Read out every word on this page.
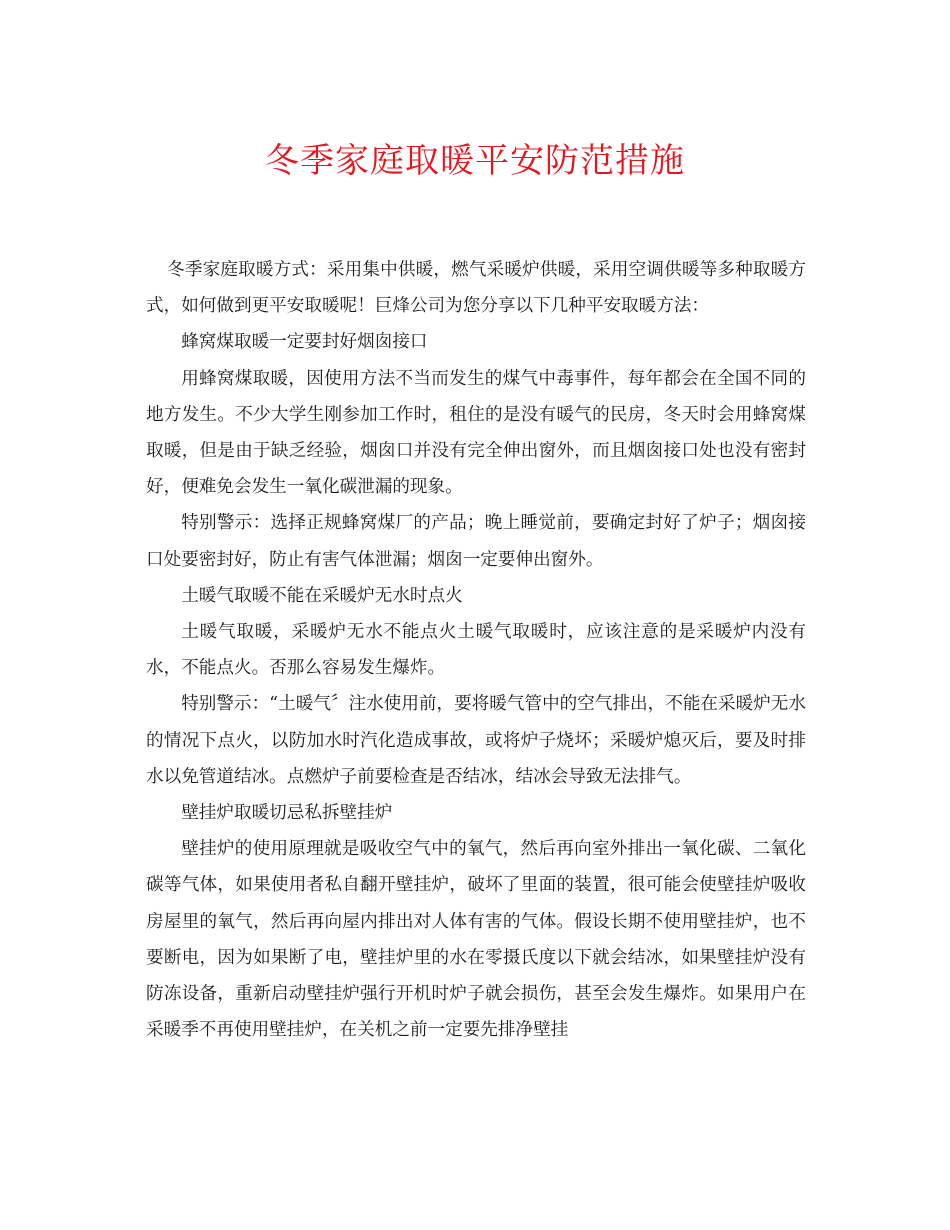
冬季家庭取暖平安防范措施

冬季家庭取暖方式：采用集中供暖，燃气采暖炉供暖，采用空调供暖等多种取暖方式，如何做到更平安取暖呢！巨烽公司为您分享以下几种平安取暖方法：

蜂窝煤取暖一定要封好烟囱接口

用蜂窝煤取暖，因使用方法不当而发生的煤气中毒事件，每年都会在全国不同的地方发生。不少大学生刚参加工作时，租住的是没有暖气的民房，冬天时会用蜂窝煤取暖，但是由于缺乏经验，烟囱口并没有完全伸出窗外，而且烟囱接口处也没有密封好，便难免会发生一氧化碳泄漏的现象。

特别警示：选择正规蜂窝煤厂的产品；晚上睡觉前，要确定封好了炉子；烟囱接口处要密封好，防止有害气体泄漏；烟囱一定要伸出窗外。

土暖气取暖不能在采暖炉无水时点火

土暖气取暖，采暖炉无水不能点火土暖气取暖时，应该注意的是采暖炉内没有水，不能点火。否那么容易发生爆炸。

特别警示：“土暖气〞注水使用前，要将暖气管中的空气排出，不能在采暖炉无水的情况下点火，以防加水时汽化造成事故，或将炉子烧坏；采暖炉熄灭后，要及时排水以免管道结冰。点燃炉子前要检查是否结冰，结冰会导致无法排气。

壁挂炉取暖切忌私拆壁挂炉

壁挂炉的使用原理就是吸收空气中的氧气，然后再向室外排出一氧化碳、二氧化碳等气体，如果使用者私自翻开壁挂炉，破坏了里面的装置，很可能会使壁挂炉吸收房屋里的氧气，然后再向屋内排出对人体有害的气体。假设长期不使用壁挂炉，也不要断电，因为如果断了电，壁挂炉里的水在零摄氏度以下就会结冰，如果壁挂炉没有防冻设备，重新启动壁挂炉强行开机时炉子就会损伤，甚至会发生爆炸。如果用户在采暖季不再使用壁挂炉，在关机之前一定要先排净壁挂
